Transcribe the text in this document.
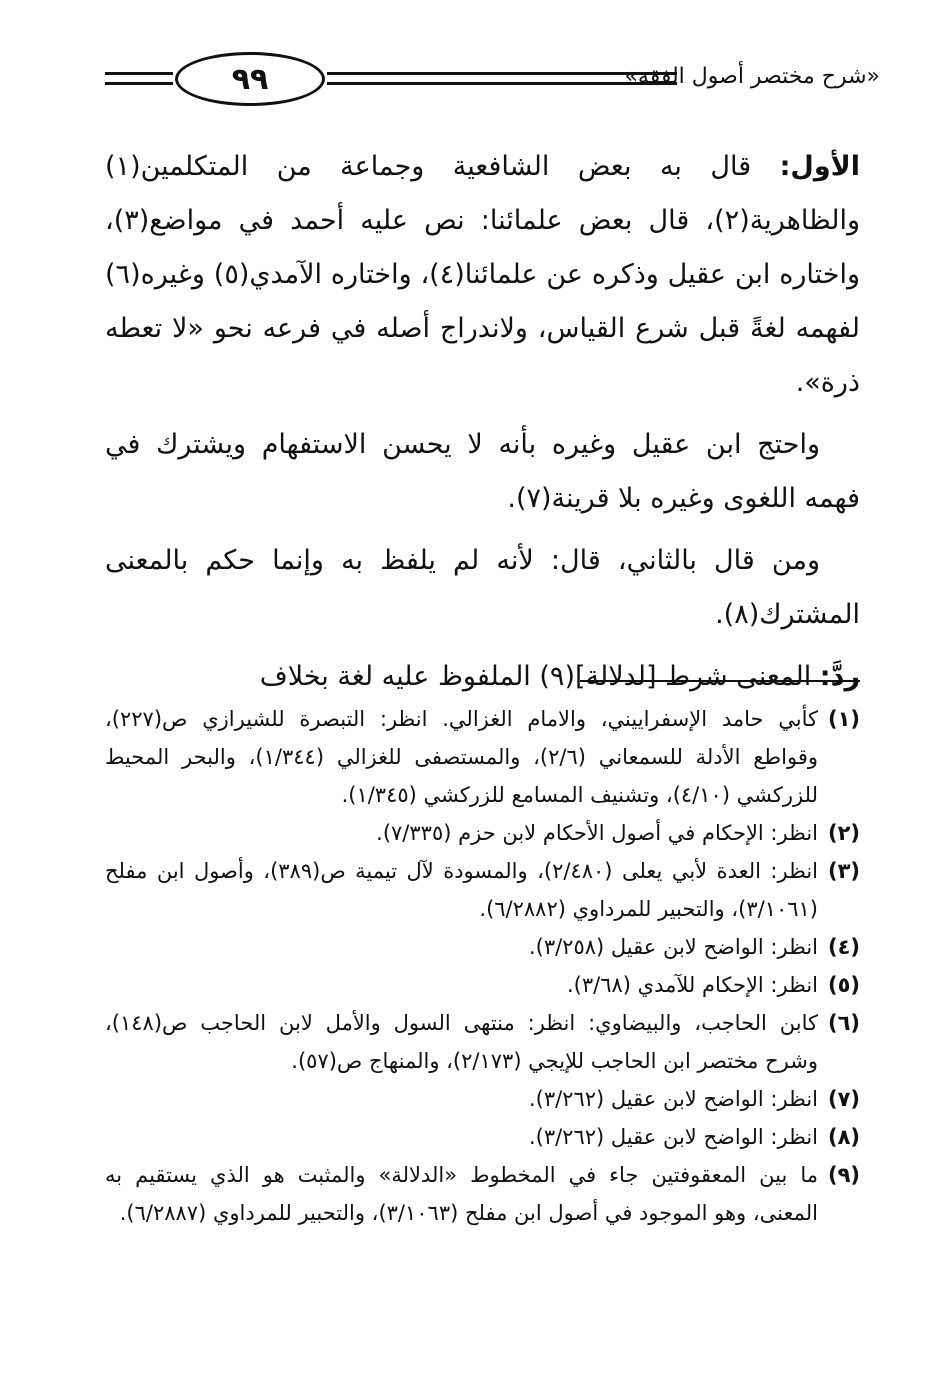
٩٩	«شرح مختصر أصول الفقه»

الأول: قال به بعض الشافعية وجماعة من المتكلمين(١) والظاهرية(٢)، قال بعض علمائنا: نص عليه أحمد في مواضع(٣)، واختاره ابن عقيل وذكره عن علمائنا(٤)، واختاره الآمدي(٥) وغيره(٦) لفهمه لغةً قبل شرع القياس، ولاندراج أصله في فرعه نحو «لا تعطه ذرة».

واحتج ابن عقيل وغيره بأنه لا يحسن الاستفهام ويشترك في فهمه اللغوى وغيره بلا قرينة(٧).

ومن قال بالثاني، قال: لأنه لم يلفظ به وإنما حكم بالمعنى المشترك(٨).

ردَّ: المعنى شرط [لدلالة](٩) الملفوظ عليه لغة بخلاف

(١)
كأبي حامد الإسفراييني، والامام الغزالي. انظر: التبصرة للشيرازي ص(٢٢٧)، وقواطع الأدلة للسمعاني (٢/٦)، والمستصفى للغزالي (١/٣٤٤)، والبحر المحيط للزركشي (٤/١٠)، وتشنيف المسامع للزركشي (١/٣٤٥).
(٢)
انظر: الإحكام في أصول الأحكام لابن حزم (٧/٣٣٥).
(٣)
انظر: العدة لأبي يعلى (٢/٤٨٠)، والمسودة لآل تيمية ص(٣٨٩)، وأصول ابن مفلح (٣/١٠٦١)، والتحبير للمرداوي (٦/٢٨٨٢).
(٤)
انظر: الواضح لابن عقيل (٣/٢٥٨).
(٥)
انظر: الإحكام للآمدي (٣/٦٨).
(٦)
كابن الحاجب، والبيضاوي: انظر: منتهى السول والأمل لابن الحاجب ص(١٤٨)، وشرح مختصر ابن الحاجب للإيجي (٢/١٧٣)، والمنهاج ص(٥٧).
(٧)
انظر: الواضح لابن عقيل (٣/٢٦٢).
(٨)
انظر: الواضح لابن عقيل (٣/٢٦٢).
(٩)
ما بين المعقوفتين جاء في المخطوط «الدلالة» والمثبت هو الذي يستقيم به المعنى، وهو الموجود في أصول ابن مفلح (٣/١٠٦٣)، والتحبير للمرداوي (٦/٢٨٨٧).
